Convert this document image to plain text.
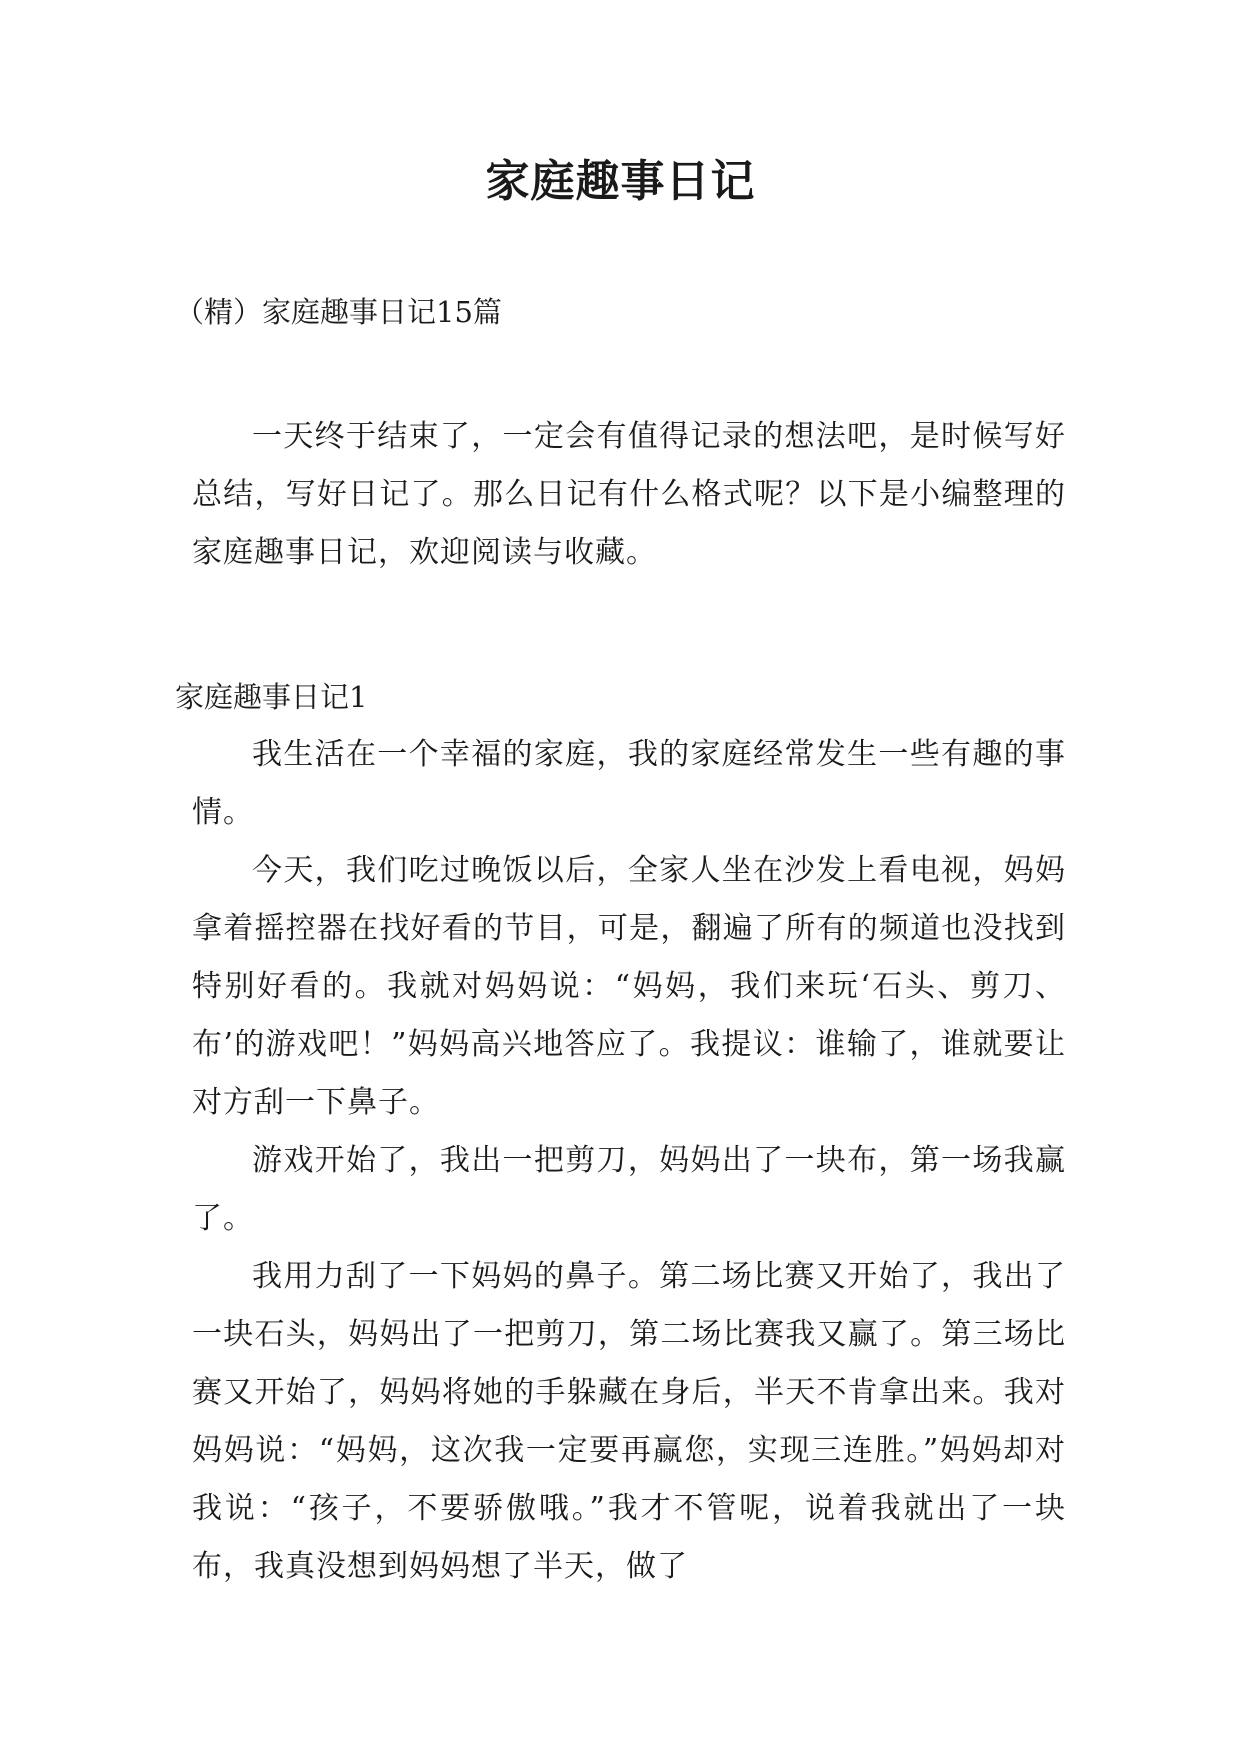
家庭趣事日记

（精）家庭趣事日记15篇

一天终于结束了，一定会有值得记录的想法吧，是时候写好总结，写好日记了。那么日记有什么格式呢？以下是小编整理的家庭趣事日记，欢迎阅读与收藏。

家庭趣事日记1

我生活在一个幸福的家庭，我的家庭经常发生一些有趣的事情。

今天，我们吃过晚饭以后，全家人坐在沙发上看电视，妈妈拿着摇控器在找好看的节目，可是，翻遍了所有的频道也没找到特别好看的。我就对妈妈说：“妈妈，我们来玩‘石头、剪刀、布’的游戏吧！”妈妈高兴地答应了。我提议：谁输了，谁就要让对方刮一下鼻子。

游戏开始了，我出一把剪刀，妈妈出了一块布，第一场我赢了。

我用力刮了一下妈妈的鼻子。第二场比赛又开始了，我出了一块石头，妈妈出了一把剪刀，第二场比赛我又赢了。第三场比赛又开始了，妈妈将她的手躲藏在身后，半天不肯拿出来。我对妈妈说：“妈妈，这次我一定要再赢您，实现三连胜。”妈妈却对我说：“孩子，不要骄傲哦。”我才不管呢，说着我就出了一块布，我真没想到妈妈想了半天，做了
